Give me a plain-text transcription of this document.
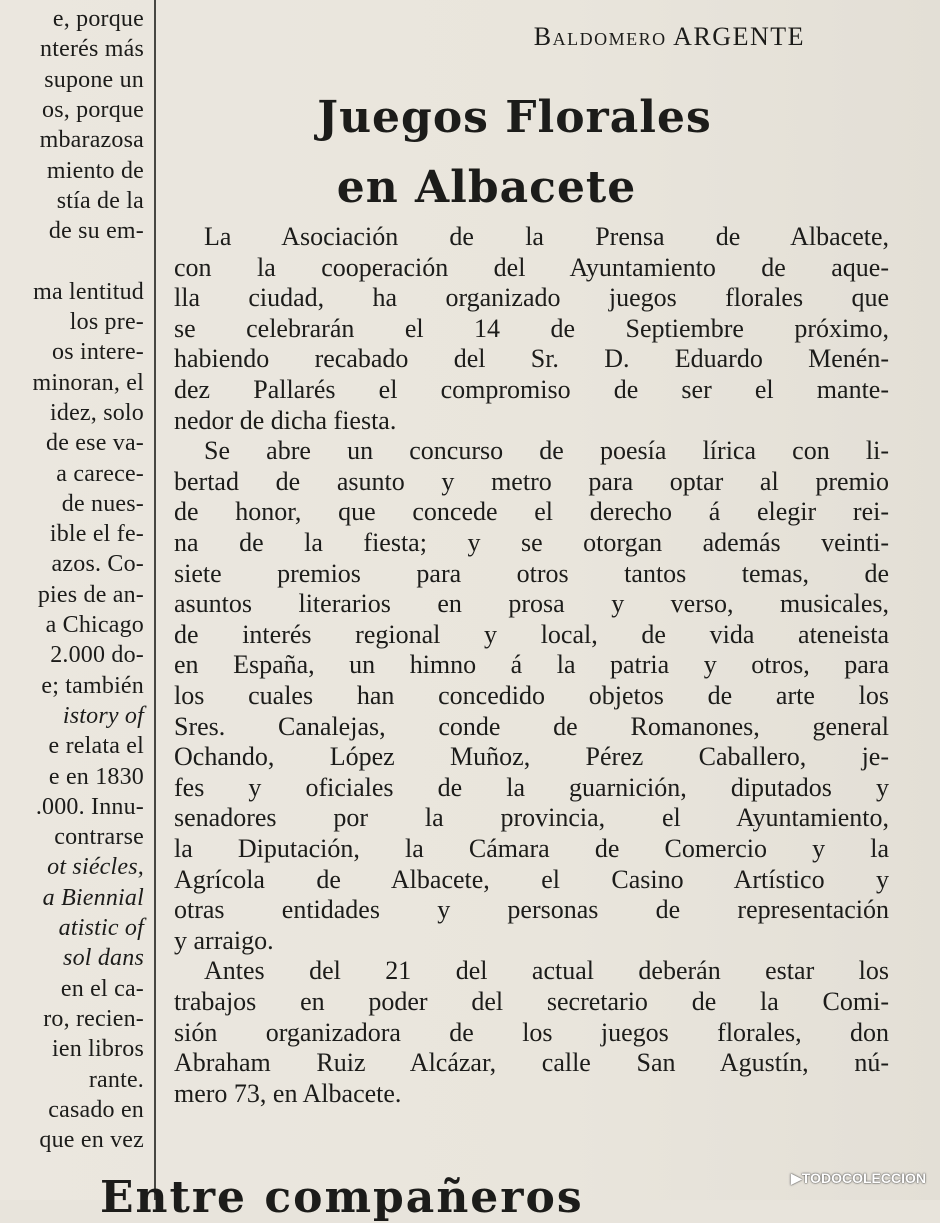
e, porque
nterés más
supone un
os, porque
mbarazosa
miento de
stía de la
de su em-
ma lentitud
los pre-
os intere-
minoran, el
idez, solo
de ese va-
a carece-
de nues-
ible el fe-
azos. Co-
pies de an-
a Chicago
2.000 do-
e; también
istory of
e relata el
e en 1830
.000. Innu-
contrarse
ot siécles,
a Biennial
atistic of
sol dans
en el ca-
ro, recien-
ien libros
rante.
casado en
que en vez
Baldomero ARGENTE
Juegos Florales
en Albacete
La Asociación de la Prensa de Albacete,
con la cooperación del Ayuntamiento de aque-
lla ciudad, ha organizado juegos florales que
se celebrarán el 14 de Septiembre próximo,
habiendo recabado del Sr. D. Eduardo Menén-
dez Pallarés el compromiso de ser el mante-
nedor de dicha fiesta.
Se abre un concurso de poesía lírica con li-
bertad de asunto y metro para optar al premio
de honor, que concede el derecho á elegir rei-
na de la fiesta; y se otorgan además veinti-
siete premios para otros tantos temas, de
asuntos literarios en prosa y verso, musicales,
de interés regional y local, de vida ateneista
en España, un himno á la patria y otros, para
los cuales han concedido objetos de arte los
Sres. Canalejas, conde de Romanones, general
Ochando, López Muñoz, Pérez Caballero, je-
fes y oficiales de la guarnición, diputados y
senadores por la provincia, el Ayuntamiento,
la Diputación, la Cámara de Comercio y la
Agrícola de Albacete, el Casino Artístico y
otras entidades y personas de representación
y arraigo.
Antes del 21 del actual deberán estar los
trabajos en poder del secretario de la Comi-
sión organizadora de los juegos florales, don
Abraham Ruiz Alcázar, calle San Agustín, nú-
mero 73, en Albacete.
Entre compañeros	▶TODOCOLECCION
